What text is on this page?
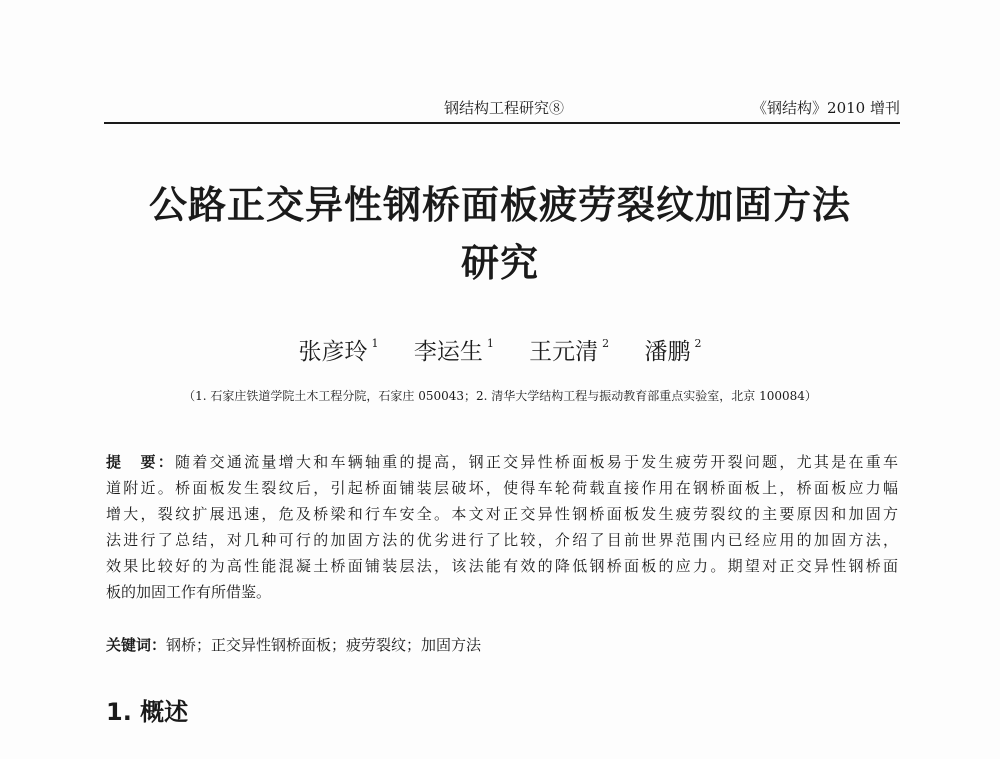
钢结构工程研究⑧	《钢结构》2010 增刊
公路正交异性钢桥面板疲劳裂纹加固方法
研究
张彦玲 $^1$ 李运生 $^1$ 王元清 $^2$ 潘鹏 $^2$
（1. 石家庄铁道学院土木工程分院，石家庄 050043；2. 清华大学结构工程与振动教育部重点实验室，北京 100084）
提　要：随着交通流量增大和车辆轴重的提高，钢正交异性桥面板易于发生疲劳开裂问题，尤其是在重车
道附近。桥面板发生裂纹后，引起桥面铺装层破坏，使得车轮荷载直接作用在钢桥面板上，桥面板应力幅
增大，裂纹扩展迅速，危及桥梁和行车安全。本文对正交异性钢桥面板发生疲劳裂纹的主要原因和加固方
法进行了总结，对几种可行的加固方法的优劣进行了比较，介绍了目前世界范围内已经应用的加固方法，
效果比较好的为高性能混凝土桥面铺装层法，该法能有效的降低钢桥面板的应力。期望对正交异性钢桥面
板的加固工作有所借鉴。
关键词：钢桥；正交异性钢桥面板；疲劳裂纹；加固方法
1. 概述
